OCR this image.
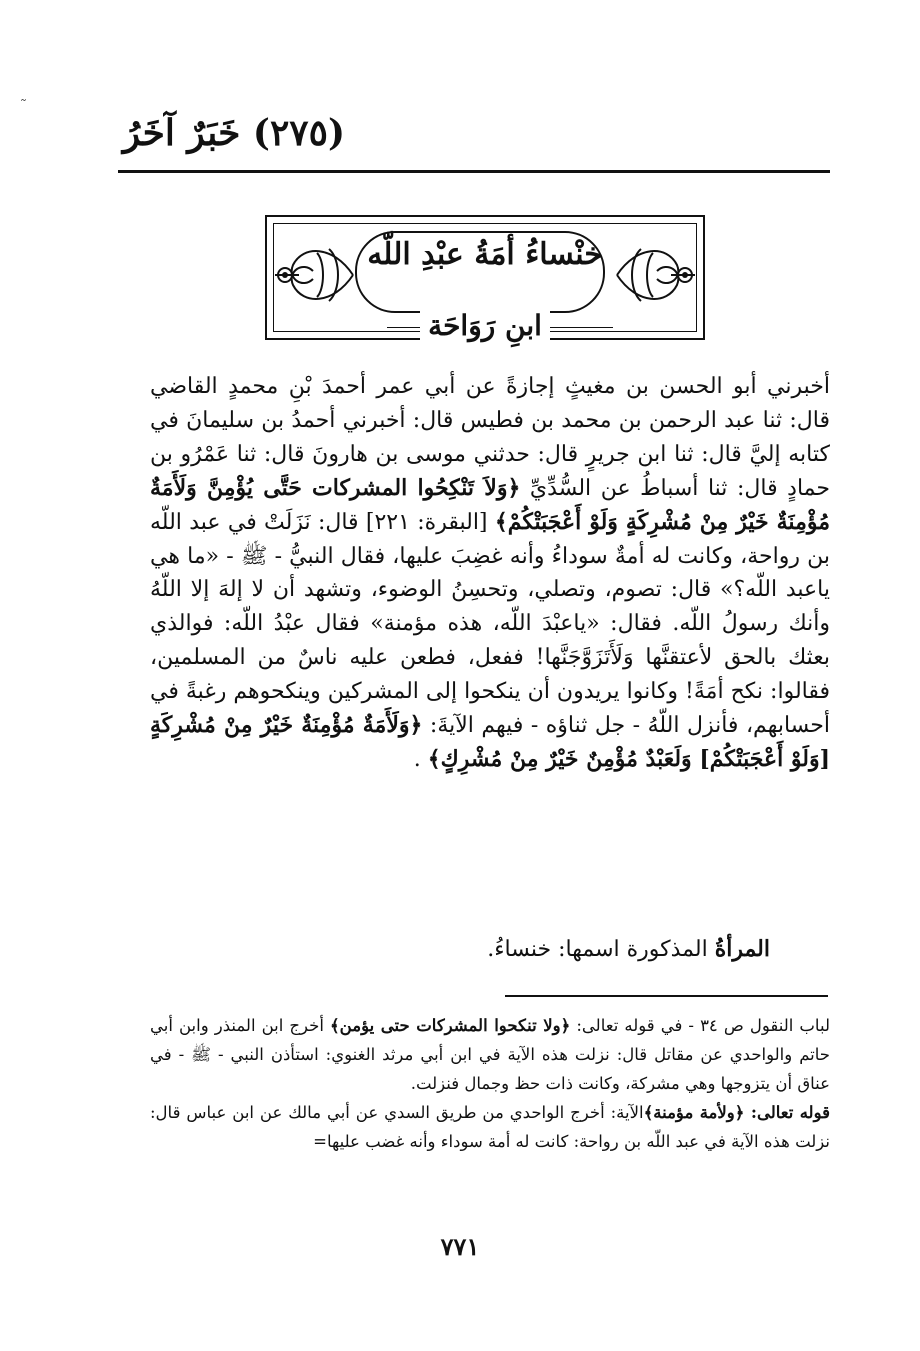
˜
(٢٧٥) خَبَرٌ آخَرُ
خنْساءُ أمَةُ عبْدِ اللّه
ابنِ رَوَاحَة

أخبرني أبو الحسن بن مغيثٍ إجازةً عن أبي عمر أحمدَ بْنِ محمدٍ القاضي قال: ثنا عبد الرحمن بن محمد بن فطيس قال: أخبرني أحمدُ بن سليمانَ في كتابه إليَّ قال: ثنا ابن جريرٍ قال: حدثني موسى بن هارونَ قال: ثنا عَمْرُو بن حمادٍ قال: ثنا أسباطُ عن السُّدِّيِّ ﴿وَلاَ تَنْكِحُوا المشركات حَتَّى يُؤْمِنَّ وَلَأَمَةٌ مُؤْمِنَةٌ خَيْرٌ مِنْ مُشْرِكَةٍ وَلَوْ أَعْجَبَتْكُمْ﴾ [البقرة: ٢٢١] قال: نَزَلَتْ في عبد اللّه بن رواحة، وكانت له أمةٌ سوداءُ وأنه غضِبَ عليها، فقال النبيُّ - ﷺ - «ما هي ياعبد اللّه؟» قال: تصوم، وتصلي، وتحسِنُ الوضوء، وتشهد أن لا إلهَ إلا اللّهُ وأنك رسولُ اللّه. فقال: «ياعبْدَ اللّه، هذه مؤمنة» فقال عبْدُ اللّه: فوالذي بعثك بالحق لأعتقنَّها وَلَأَتَزَوَّجَنَّها! ففعل، فطعن عليه ناسٌ من المسلمين، فقالوا: نكح أمَةً! وكانوا يريدون أن ينكحوا إلى المشركين وينكحوهم رغبةً في أحسابهم، فأنزل اللّهُ - جل ثناؤه - فيهم الآيةَ: ﴿وَلَأَمَةٌ مُؤْمِنَةٌ خَيْرٌ مِنْ مُشْرِكَةٍ [وَلَوْ أَعْجَبَتْكُمْ] وَلَعَبْدٌ مُؤْمِنٌ خَيْرٌ مِنْ مُشْرِكٍ﴾ .

المرأةُ المذكورة اسمها: خنساءُ.

لباب النقول ص ٣٤ - في قوله تعالى: ﴿ولا تنكحوا المشركات حتى يؤمن﴾ أخرج ابن المنذر وابن أبي حاتم والواحدي عن مقاتل قال: نزلت هذه الآية في ابن أبي مرثد الغنوي: استأذن النبي - ﷺ - في عناق أن يتزوجها وهي مشركة، وكانت ذات حظ وجمال فنزلت.

قوله تعالى: ﴿ولأمة مؤمنة﴾الآية: أخرج الواحدي من طريق السدي عن أبي مالك عن ابن عباس قال: نزلت هذه الآية في عبد اللّه بن رواحة: كانت له أمة سوداء وأنه غضب عليها=

٧٧١
